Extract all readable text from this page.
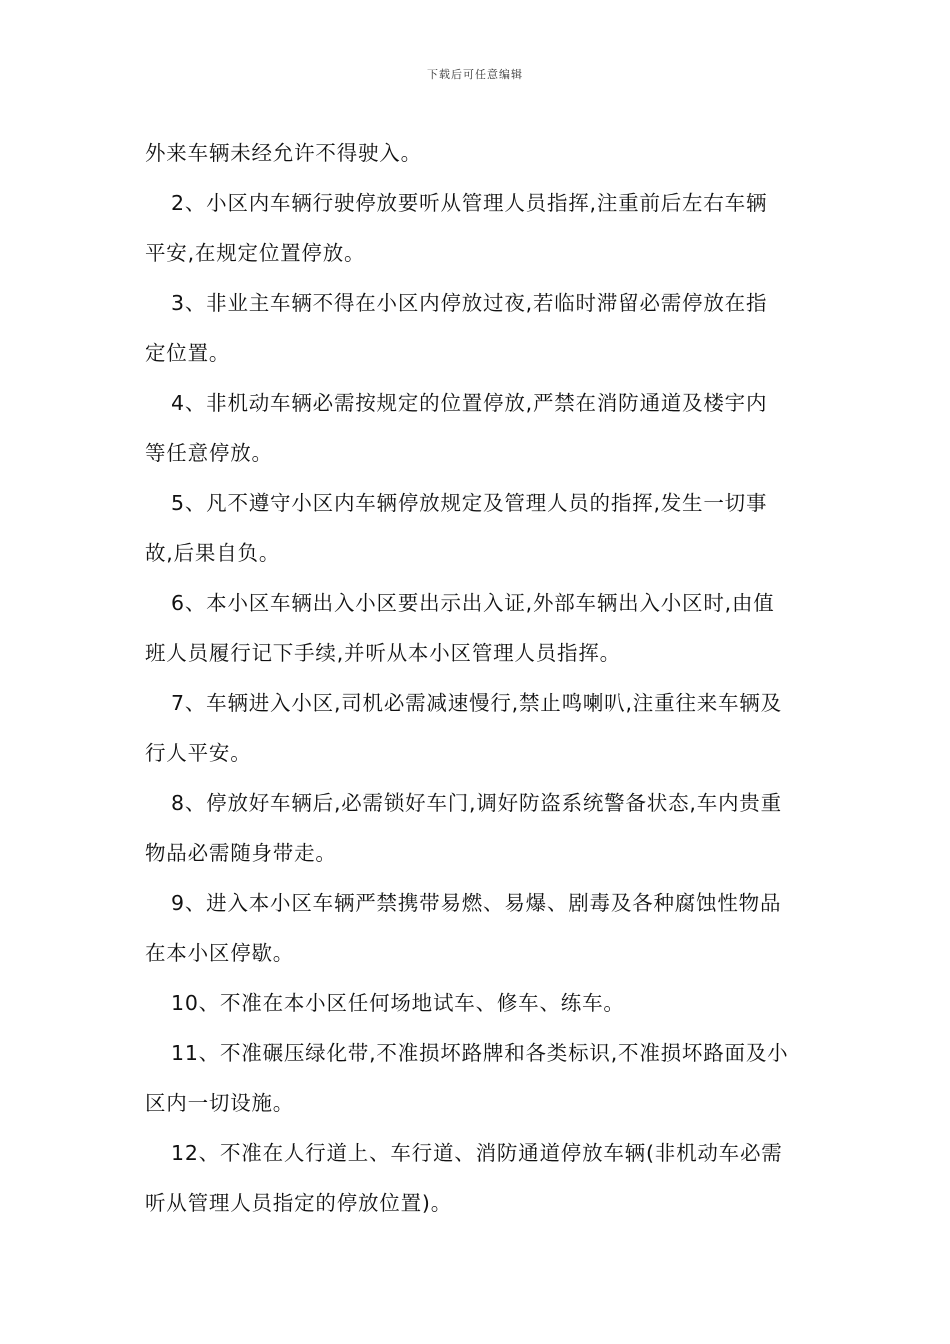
下载后可任意编辑
外来车辆未经允许不得驶入。
2、小区内车辆行驶停放要听从管理人员指挥,注重前后左右车辆
平安,在规定位置停放。
3、非业主车辆不得在小区内停放过夜,若临时滞留必需停放在指
定位置。
4、非机动车辆必需按规定的位置停放,严禁在消防通道及楼宇内
等任意停放。
5、凡不遵守小区内车辆停放规定及管理人员的指挥,发生一切事
故,后果自负。
6、本小区车辆出入小区要出示出入证,外部车辆出入小区时,由值
班人员履行记下手续,并听从本小区管理人员指挥。
7、车辆进入小区,司机必需减速慢行,禁止鸣喇叭,注重往来车辆及
行人平安。
8、停放好车辆后,必需锁好车门,调好防盗系统警备状态,车内贵重
物品必需随身带走。
9、进入本小区车辆严禁携带易燃、易爆、剧毒及各种腐蚀性物品
在本小区停歇。
10、不准在本小区任何场地试车、修车、练车。
11、不准碾压绿化带,不准损坏路牌和各类标识,不准损坏路面及小
区内一切设施。
12、不准在人行道上、车行道、消防通道停放车辆(非机动车必需
听从管理人员指定的停放位置)。
